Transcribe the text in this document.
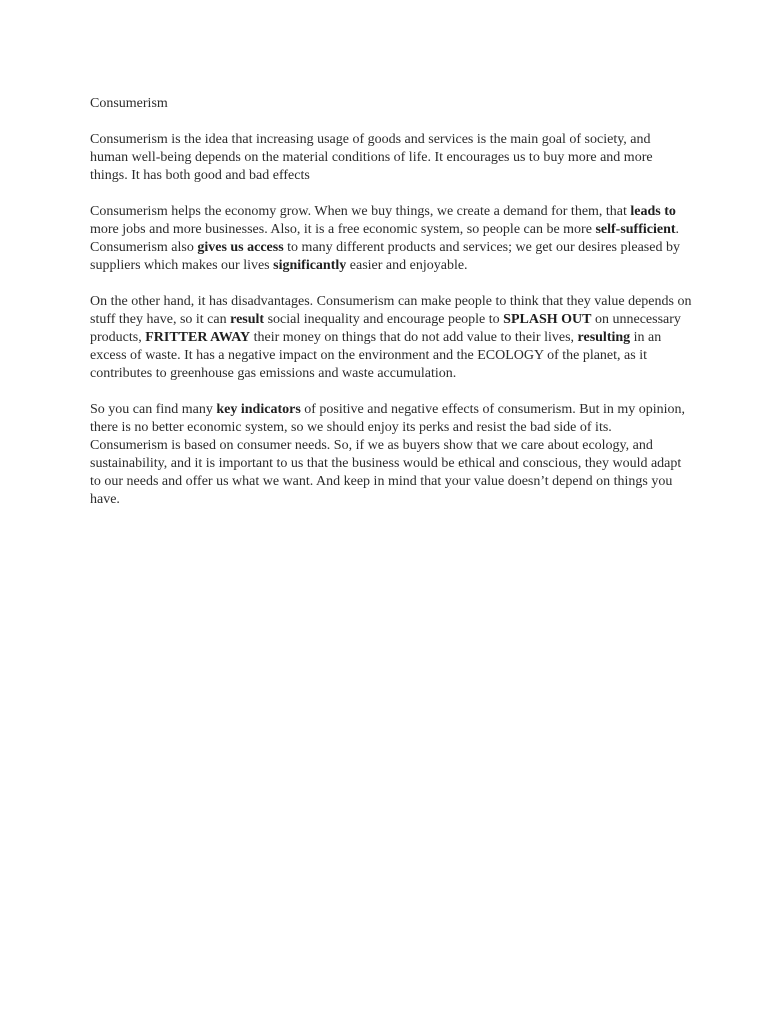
Consumerism

Consumerism is the idea that increasing usage of goods and services is the main goal of society, and human well-being depends on the material conditions of life. It encourages us to buy more and more things. It has both good and bad effects

Consumerism helps the economy grow. When we buy things, we create a demand for them, that leads to more jobs and more businesses. Also, it is a free economic system, so people can be more self-sufficient. Consumerism also gives us access to many different products and services; we get our desires pleased by suppliers which makes our lives significantly easier and enjoyable.

On the other hand, it has disadvantages. Consumerism can make people to think that they value depends on stuff they have, so it can result social inequality and encourage people to SPLASH OUT on unnecessary products, FRITTER AWAY their money on things that do not add value to their lives, resulting in an excess of waste. It has a negative impact on the environment and the ECOLOGY of the planet, as it contributes to greenhouse gas emissions and waste accumulation.

So you can find many key indicators of positive and negative effects of consumerism. But in my opinion, there is no better economic system, so we should enjoy its perks and resist the bad side of its. Consumerism is based on consumer needs. So, if we as buyers show that we care about ecology, and sustainability, and it is important to us that the business would be ethical and conscious, they would adapt to our needs and offer us what we want. And keep in mind that your value doesn’t depend on things you have.
